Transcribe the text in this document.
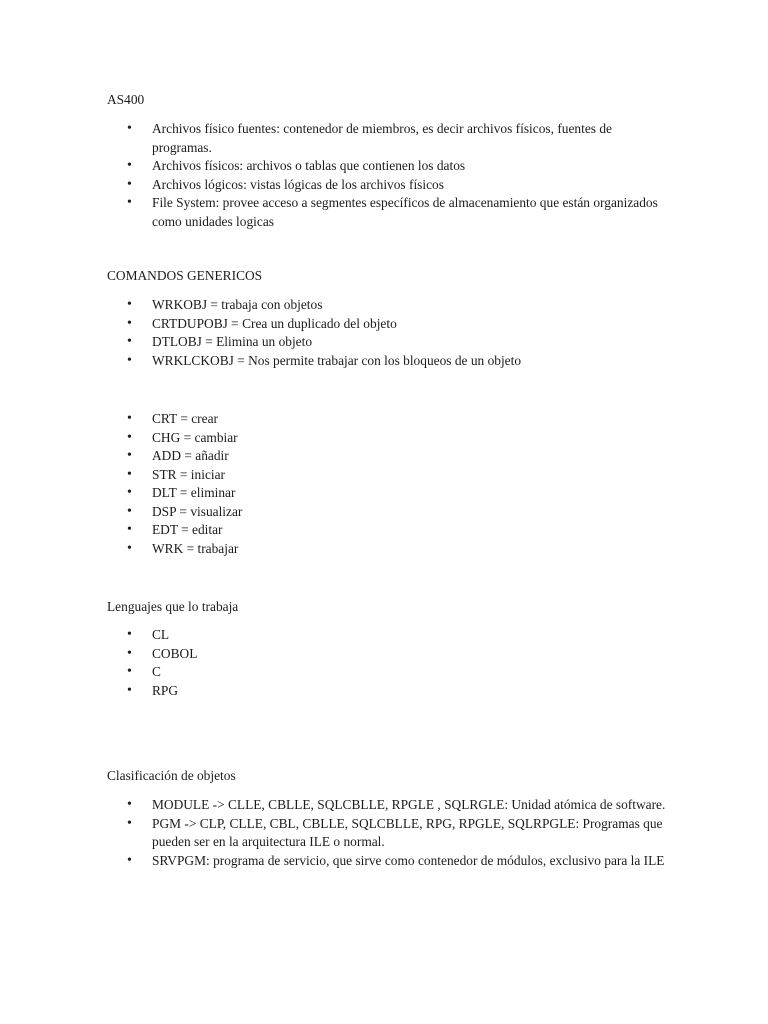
AS400
• Archivos físico fuentes: contenedor de miembros, es decir archivos físicos, fuentes de programas.
• Archivos físicos: archivos o tablas que contienen los datos
• Archivos lógicos: vistas lógicas de los archivos físicos
• File System: provee acceso a segmentes específicos de almacenamiento que están organizados como unidades logicas
COMANDOS GENERICOS
• WRKOBJ = trabaja con objetos
• CRTDUPOBJ = Crea un duplicado del objeto
• DTLOBJ = Elimina un objeto
• WRKLCKOBJ = Nos permite trabajar con los bloqueos de un objeto
• CRT = crear
• CHG = cambiar
• ADD = añadir
• STR = iniciar
• DLT = eliminar
• DSP = visualizar
• EDT = editar
• WRK = trabajar
Lenguajes que lo trabaja
• CL
• COBOL
• C
• RPG
Clasificación de objetos
• MODULE -> CLLE, CBLLE, SQLCBLLE, RPGLE , SQLRGLE: Unidad atómica de software.
• PGM -> CLP, CLLE, CBL, CBLLE, SQLCBLLE, RPG, RPGLE, SQLRPGLE: Programas que pueden ser en la arquitectura ILE o normal.
• SRVPGM: programa de servicio, que sirve como contenedor de módulos, exclusivo para la ILE
